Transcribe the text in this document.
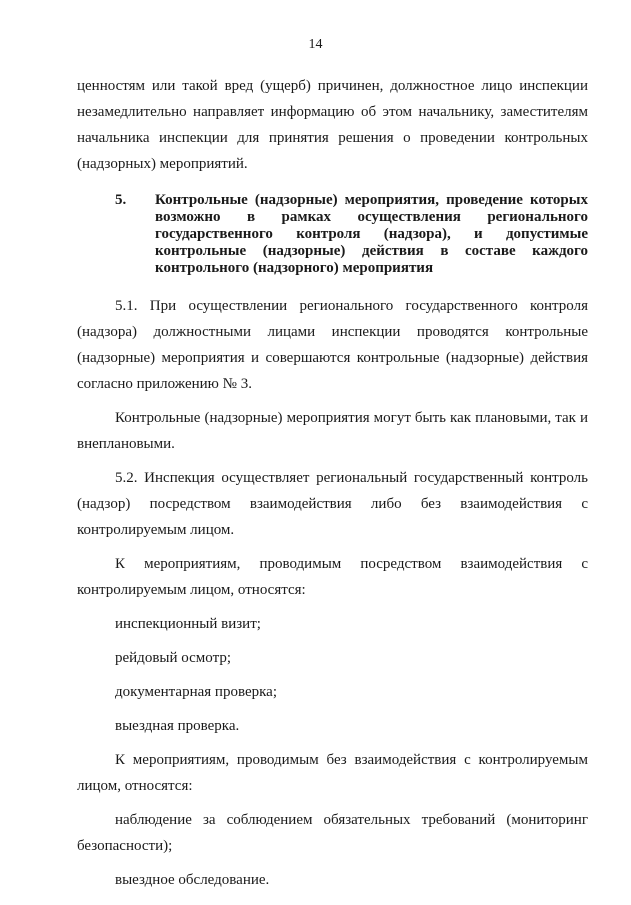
14

ценностям или такой вред (ущерб) причинен, должностное лицо инспекции незамедлительно направляет информацию об этом начальнику, заместителям начальника инспекции для принятия решения о проведении контрольных (надзорных) мероприятий.

5.	Контрольные (надзорные) мероприятия, проведение которых возможно в рамках осуществления регионального государственного контроля (надзора), и допустимые контрольные (надзорные) действия в составе каждого контрольного (надзорного) мероприятия

5.1. При осуществлении регионального государственного контроля (надзора) должностными лицами инспекции проводятся контрольные (надзорные) мероприятия и совершаются контрольные (надзорные) действия согласно приложению № 3.

Контрольные (надзорные) мероприятия могут быть как плановыми, так и внеплановыми.

5.2. Инспекция осуществляет региональный государственный контроль (надзор) посредством взаимодействия либо без взаимодействия с контролируемым лицом.

К мероприятиям, проводимым посредством взаимодействия с контролируемым лицом, относятся:

инспекционный визит;

рейдовый осмотр;

документарная проверка;

выездная проверка.

К мероприятиям, проводимым без взаимодействия с контролируемым лицом, относятся:

наблюдение за соблюдением обязательных требований (мониторинг безопасности);

выездное обследование.
